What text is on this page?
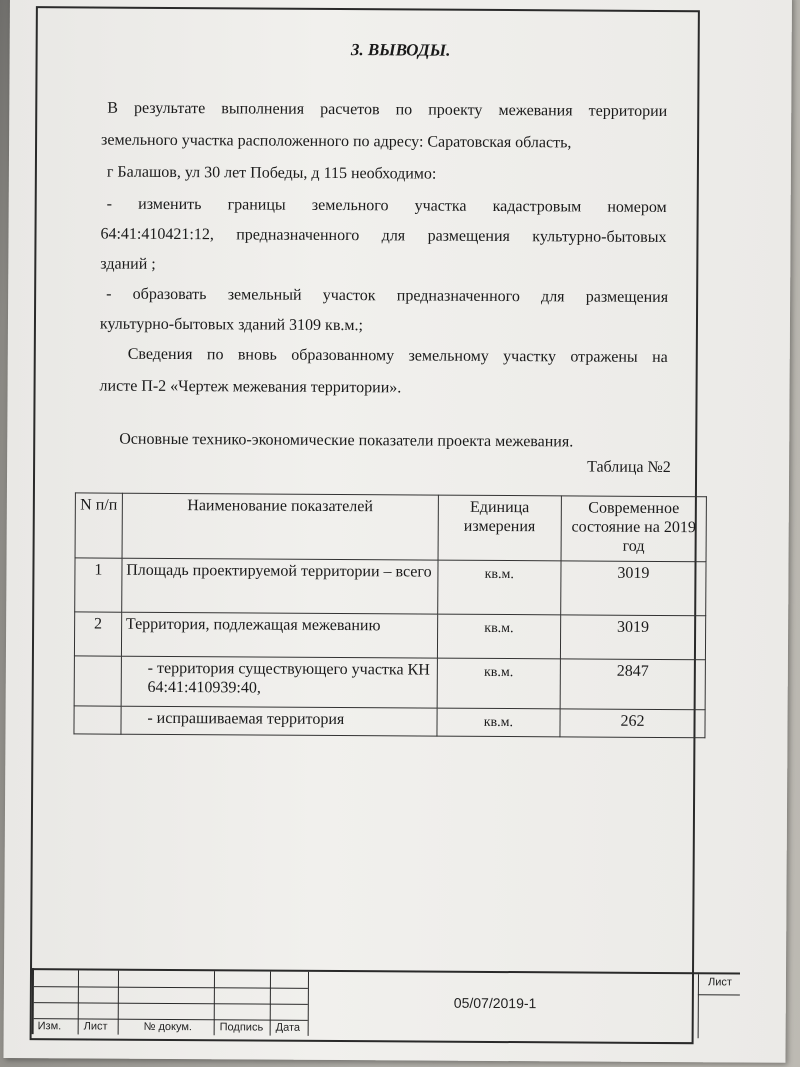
3. ВЫВОДЫ.
В результате выполнения расчетов по проекту межевания территории
земельного участка расположенного по адресу: Саратовская область,
г Балашов, ул 30 лет Победы, д 115 необходимо:
- изменить границы земельного участка кадастровым номером
64:41:410421:12, предназначенного для размещения культурно-бытовых
зданий ;
- образовать земельный участок предназначенного для размещения
культурно-бытовых зданий 3109 кв.м.;
Сведения по вновь образованному земельному участку отражены на
листе П-2 «Чертеж межевания территории».
Основные технико-экономические показатели проекта межевания.
Таблица №2
N п/п	Наименование показателей	Единица измерения	Современное состояние на 2019 год
1	Площадь проектируемой территории – всего	кв.м.	3019
2	Территория, подлежащая межеванию	кв.м.	3019
	- территория существующего участка КН 64:41:410939:40,	кв.м.	2847
	- испрашиваемая территория	кв.м.	262
Изм. Лист	№ докум.	Подпись Дата
05/07/2019-1
Лист
